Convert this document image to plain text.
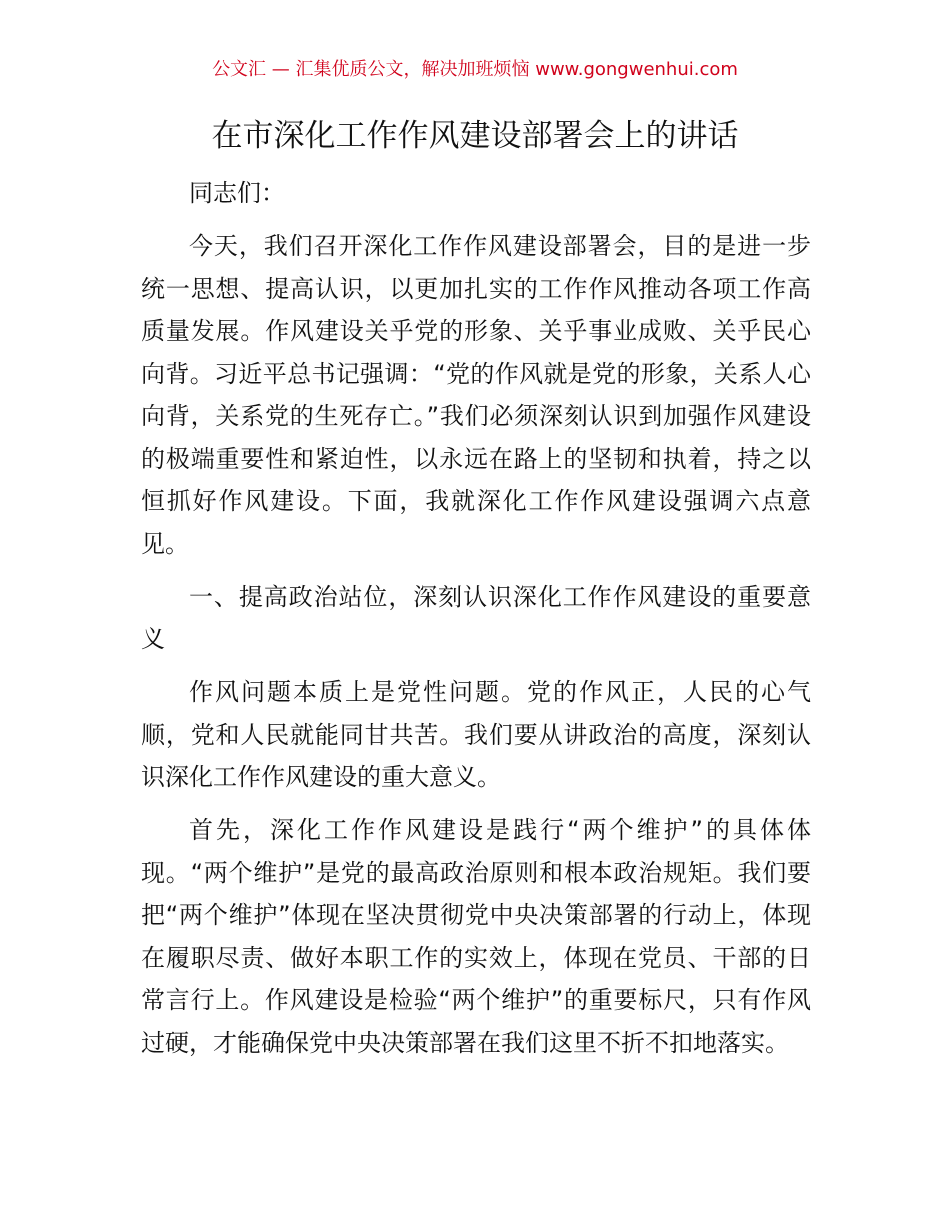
公文汇 — 汇集优质公文，解决加班烦恼 www.gongwenhui.com
在市深化工作作风建设部署会上的讲话

同志们：

今天，我们召开深化工作作风建设部署会，目的是进一步统一思想、提高认识，以更加扎实的工作作风推动各项工作高质量发展。作风建设关乎党的形象、关乎事业成败、关乎民心向背。习近平总书记强调：“党的作风就是党的形象，关系人心向背，关系党的生死存亡。”我们必须深刻认识到加强作风建设的极端重要性和紧迫性，以永远在路上的坚韧和执着，持之以恒抓好作风建设。下面，我就深化工作作风建设强调六点意见。

一、提高政治站位，深刻认识深化工作作风建设的重要意义

作风问题本质上是党性问题。党的作风正，人民的心气顺，党和人民就能同甘共苦。我们要从讲政治的高度，深刻认识深化工作作风建设的重大意义。

首先，深化工作作风建设是践行“两个维护”的具体体现。“两个维护”是党的最高政治原则和根本政治规矩。我们要把“两个维护”体现在坚决贯彻党中央决策部署的行动上，体现在履职尽责、做好本职工作的实效上，体现在党员、干部的日常言行上。作风建设是检验“两个维护”的重要标尺，只有作风过硬，才能确保党中央决策部署在我们这里不折不扣地落实。
